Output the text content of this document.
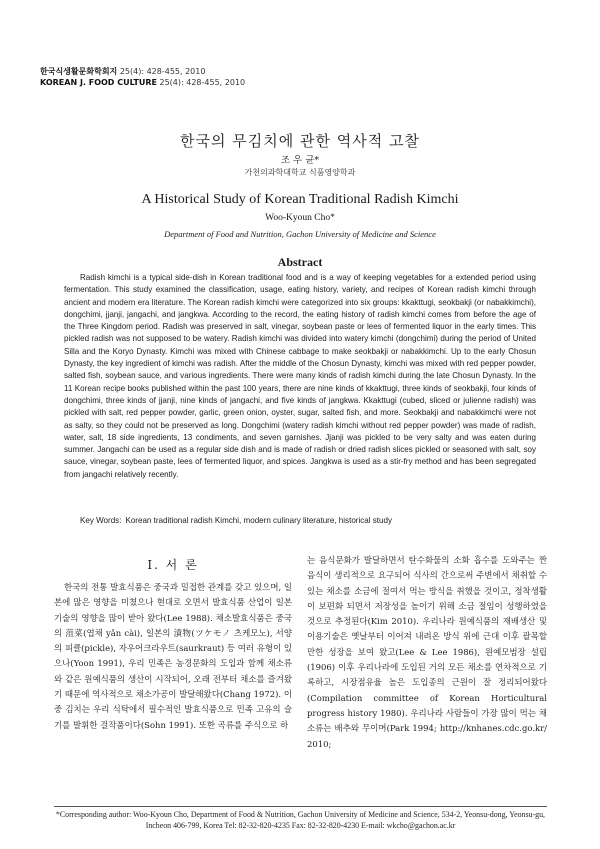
한국식생활문화학회지 25(4): 428-455, 2010
KOREAN J. FOOD CULTURE 25(4): 428-455, 2010
한국의 무김치에 관한 역사적 고찰
조 우 균*
가천의과학대학교 식품영양학과
A Historical Study of Korean Traditional Radish Kimchi
Woo-Kyoun Cho*
Department of Food and Nutrition, Gachon University of Medicine and Science
Abstract

Radish kimchi is a typical side-dish in Korean traditional food and is a way of keeping vegetables for a extended period using fermentation. This study examined the classification, usage, eating history, variety, and recipes of Korean radish kimchi through ancient and modern era literature. The Korean radish kimchi were categorized into six groups: kkakttugi, seokbakji (or nabakkimchi), dongchimi, jjanji, jangachi, and jangkwa. According to the record, the eating history of radish kimchi comes from before the age of the Three Kingdom period. Radish was preserved in salt, vinegar, soybean paste or lees of fermented liquor in the early times. This pickled radish was not supposed to be watery. Radish kimchi was divided into watery kimchi (dongchimi) during the period of United Silla and the Koryo Dynasty. Kimchi was mixed with Chinese cabbage to make seokbakji or nabakkimchi. Up to the early Chosun Dynasty, the key ingredient of kimchi was radish. After the middle of the Chosun Dynasty, kimchi was mixed with red pepper powder, salted fish, soybean sauce, and various ingredients. There were many kinds of radish kimchi during the late Chosun Dynasty. In the 11 Korean recipe books published within the past 100 years, there are nine kinds of kkakttugi, three kinds of seokbakji, four kinds of dongchimi, three kinds of jjanji, nine kinds of jangachi, and five kinds of jangkwa. Kkakttugi (cubed, sliced or julienne radish) was pickled with salt, red pepper powder, garlic, green onion, oyster, sugar, salted fish, and more. Seokbakji and nabakkimchi were not as salty, so they could not be preserved as long. Dongchimi (watery radish kimchi without red pepper powder) was made of radish, water, salt, 18 side ingredients, 13 condiments, and seven garnishes. Jjanji was pickled to be very salty and was eaten during summer. Jangachi can be used as a regular side dish and is made of radish or dried radish slices pickled or seasoned with salt, soy sauce, vinegar, soybean paste, lees of fermented liquor, and spices. Jangkwa is used as a stir-fry method and has been segregated from jangachi relatively recently.

Key Words: Korean traditional radish Kimchi, modern culinary literature, historical study
I. 서 론

한국의 전통 발효식품은 중국과 밀접한 관계를 갖고 있으며, 일본에 많은 영향을 미쳤으나 현대로 오면서 발효식품 산업이 일본기술의 영향을 많이 받아 왔다(Lee 1988). 채소발효식품은 중국의 菹菜(엽채 yǎn cài), 일본의 漬物(ツケモノ 츠케모노), 서양의 피클(pickle), 자우어크라우트(saurkraut) 등 여러 유형이 있으나(Yoon 1991), 우리 민족은 농경문화의 도입과 함께 채소류와 같은 원예식품의 생산이 시작되어, 오래 전부터 채소를 즐겨왔기 때문에 역사적으로 채소가공이 발달해왔다(Chang 1972). 이 중 김치는 우리 식탁에서 필수적인 발효식품으로 민족 고유의 슬기를 발휘한 걸작품이다(Sohn 1991). 또한 곡류를 주식으로 하

는 음식문화가 발달하면서 탄수화물의 소화 흡수를 도와주는 짠 음식이 생리적으로 요구되어 식사의 간으로써 주변에서 채취할 수 있는 채소를 소금에 절여서 먹는 방식을 취했을 것이고, 정착생활이 보편화 되면서 저장성을 높이기 위해 소금 절임이 성행하였을 것으로 추정된다(Kim 2010). 우리나라 원예식품의 재배생산 및 이용기술은 옛날부터 이어져 내려온 방식 위에 근대 이후 괄목할 만한 성장을 보여 왔고(Lee & Lee 1986), 원예모범장 설립(1906) 이후 우리나라에 도입된 거의 모든 채소를 연차적으로 기록하고, 시장점유율 높은 도입종의 근원이 잘 정리되어왔다(Compilation committee of Korean Horticultural progress history 1980). 우리나라 사람들이 가장 많이 먹는 채소류는 배추와 무이며(Park 1994; http://knhanes.cdc.go.kr/ 2010;

*Corresponding author: Woo-Kyoun Cho, Department of Food & Nutrition, Gachon University of Medicine and Science, 534-2, Yeonsu-dong, Yeonsu-gu,
Incheon 406-799, Korea Tel: 82-32-820-4235 Fax: 82-32-820-4230 E-mail: wkcho@gachon.ac.kr
